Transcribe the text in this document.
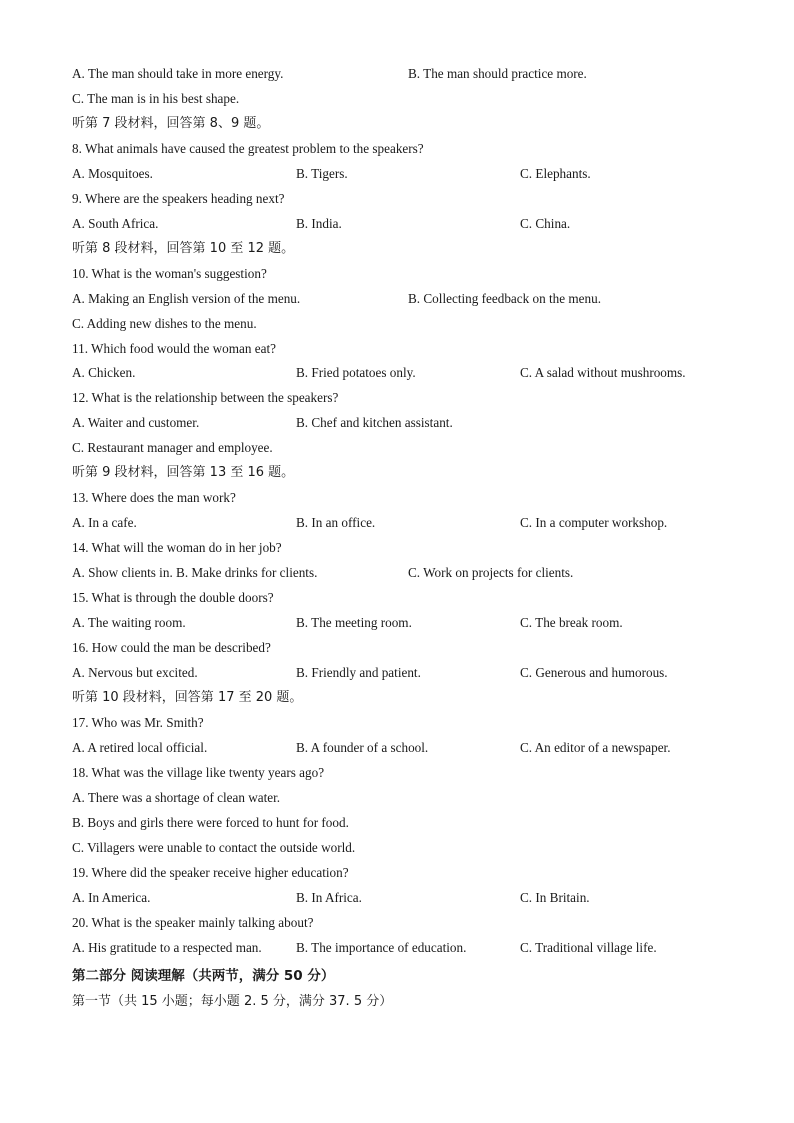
A. The man should take in more energy.	B. The man should practice more.
C. The man is in his best shape.
听第 7 段材料，回答第 8、9 题。
8. What animals have caused the greatest problem to the speakers?
A. Mosquitoes.	B. Tigers.	C. Elephants.
9. Where are the speakers heading next?
A. South Africa.	B. India.	C. China.
听第 8 段材料，回答第 10 至 12 题。
10. What is the woman's suggestion?
A. Making an English version of the menu.	B. Collecting feedback on the menu.
C. Adding new dishes to the menu.
11. Which food would the woman eat?
A. Chicken.	B. Fried potatoes only.	C. A salad without mushrooms.
12. What is the relationship between the speakers?
A. Waiter and customer.	B. Chef and kitchen assistant.
C. Restaurant manager and employee.
听第 9 段材料，回答第 13 至 16 题。
13. Where does the man work?
A. In a cafe.	B. In an office.	C. In a computer workshop.
14. What will the woman do in her job?
A. Show clients in. B. Make drinks for clients.	C. Work on projects for clients.
15. What is through the double doors?
A. The waiting room.	B. The meeting room.	C. The break room.
16. How could the man be described?
A. Nervous but excited.	B. Friendly and patient.	C. Generous and humorous.
听第 10 段材料，回答第 17 至 20 题。
17. Who was Mr. Smith?
A. A retired local official.	B. A founder of a school.	C. An editor of a newspaper.
18. What was the village like twenty years ago?
A. There was a shortage of clean water.
B. Boys and girls there were forced to hunt for food.
C. Villagers were unable to contact the outside world.
19. Where did the speaker receive higher education?
A. In America.	B. In Africa.	C. In Britain.
20. What is the speaker mainly talking about?
A. His gratitude to a respected man.	B. The importance of education.	C. Traditional village life.
第二部分 阅读理解（共两节，满分 50 分）
第一节（共 15 小题；每小题 2. 5 分，满分 37. 5 分）
